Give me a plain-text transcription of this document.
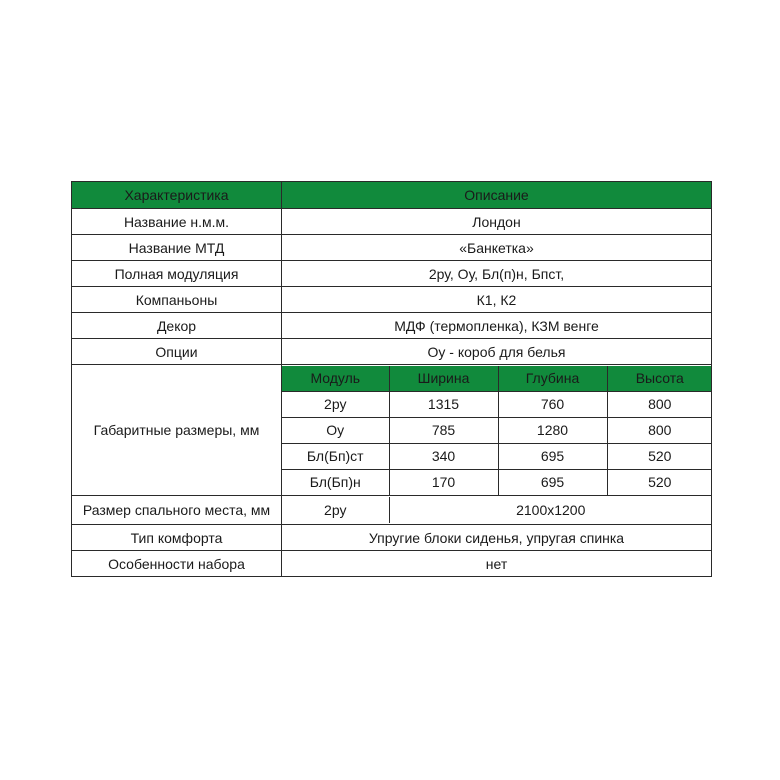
Характеристика	Описание
Название н.м.м.	Лондон
Название МТД	«Банкетка»
Полная модуляция	2ру, Оу, Бл(п)н, Бпст,
Компаньоны	К1, К2
Декор	МДФ (термопленка), КЗМ венге
Опции	Оу - короб для белья
Габаритные размеры, мм	
Модуль	Ширина	Глубина	Высота
2ру	1315	760	800
Оу	785	1280	800
Бл(Бп)ст	340	695	520
Бл(Бп)н	170	695	520

Размер спального места, мм		2ру	2100х1200

Тип комфорта	Упругие блоки сиденья, упругая спинка
Особенности набора	нет
